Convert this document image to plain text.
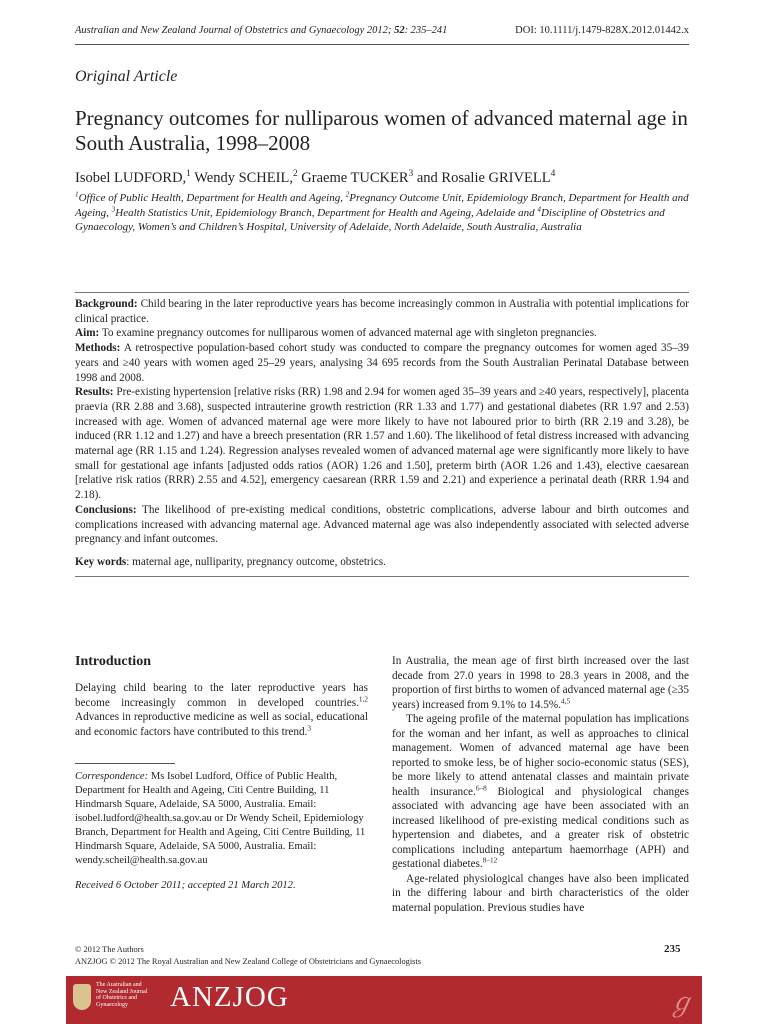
Australian and New Zealand Journal of Obstetrics and Gynaecology 2012; 52: 235–241	DOI: 10.1111/j.1479-828X.2012.01442.x
Original Article
Pregnancy outcomes for nulliparous women of advanced maternal age in South Australia, 1998–2008
Isobel LUDFORD,$^1$ Wendy SCHEIL,$^2$ Graeme TUCKER$^3$ and Rosalie GRIVELL$^4$
$^1$Office of Public Health, Department for Health and Ageing, $^2$Pregnancy Outcome Unit, Epidemiology Branch, Department for Health and Ageing, $^3$Health Statistics Unit, Epidemiology Branch, Department for Health and Ageing, Adelaide and $^4$Discipline of Obstetrics and Gynaecology, Women’s and Children’s Hospital, University of Adelaide, North Adelaide, South Australia, Australia

Background: Child bearing in the later reproductive years has become increasingly common in Australia with potential implications for clinical practice.

Aim: To examine pregnancy outcomes for nulliparous women of advanced maternal age with singleton pregnancies.

Methods: A retrospective population-based cohort study was conducted to compare the pregnancy outcomes for women aged 35–39 years and ≥40 years with women aged 25–29 years, analysing 34 695 records from the South Australian Perinatal Database between 1998 and 2008.

Results: Pre-existing hypertension [relative risks (RR) 1.98 and 2.94 for women aged 35–39 years and ≥40 years, respectively], placenta praevia (RR 2.88 and 3.68), suspected intrauterine growth restriction (RR 1.33 and 1.77) and gestational diabetes (RR 1.97 and 2.53) increased with age. Women of advanced maternal age were more likely to have not laboured prior to birth (RR 2.19 and 3.28), be induced (RR 1.12 and 1.27) and have a breech presentation (RR 1.57 and 1.60). The likelihood of fetal distress increased with advancing maternal age (RR 1.15 and 1.24). Regression analyses revealed women of advanced maternal age were significantly more likely to have small for gestational age infants [adjusted odds ratios (AOR) 1.26 and 1.50], preterm birth (AOR 1.26 and 1.43), elective caesarean [relative risk ratios (RRR) 2.55 and 4.52], emergency caesarean (RRR 1.59 and 2.21) and experience a perinatal death (RRR 1.94 and 2.18).

Conclusions: The likelihood of pre-existing medical conditions, obstetric complications, adverse labour and birth outcomes and complications increased with advancing maternal age. Advanced maternal age was also independently associated with selected adverse pregnancy and infant outcomes.

Key words: maternal age, nulliparity, pregnancy outcome, obstetrics.

Introduction

Delaying child bearing to the later reproductive years has become increasingly common in developed countries.$^{1,2}$ Advances in reproductive medicine as well as social, educational and economic factors have contributed to this trend.$^3$

Correspondence: Ms Isobel Ludford, Office of Public Health, Department for Health and Ageing, Citi Centre Building, 11 Hindmarsh Square, Adelaide, SA 5000, Australia. Email: isobel.ludford@health.sa.gov.au or Dr Wendy Scheil, Epidemiology Branch, Department for Health and Ageing, Citi Centre Building, 11 Hindmarsh Square, Adelaide, SA 5000, Australia. Email: wendy.scheil@health.sa.gov.au

Received 6 October 2011; accepted 21 March 2012.

In Australia, the mean age of first birth increased over the last decade from 27.0 years in 1998 to 28.3 years in 2008, and the proportion of first births to women of advanced maternal age (≥35 years) increased from 9.1% to 14.5%.$^{4,5}$

The ageing profile of the maternal population has implications for the woman and her infant, as well as approaches to clinical management. Women of advanced maternal age have been reported to smoke less, be of higher socio-economic status (SES), be more likely to attend antenatal classes and maintain private health insurance.$^{6-8}$ Biological and physiological changes associated with advancing age have been associated with an increased likelihood of pre-existing medical conditions such as hypertension and diabetes, and a greater risk of obstetric complications including antepartum haemorrhage (APH) and gestational diabetes.$^{8-12}$

Age-related physiological changes have also been implicated in the differing labour and birth characteristics of the older maternal population. Previous studies have

© 2012 The Authors
ANZJOG © 2012 The Royal Australian and New Zealand College of Obstetricians and Gynaecologists
235
The Australian and
New Zealand Journal
of Obstetrics and
Gynaecology	ANZJOG	ℊ
